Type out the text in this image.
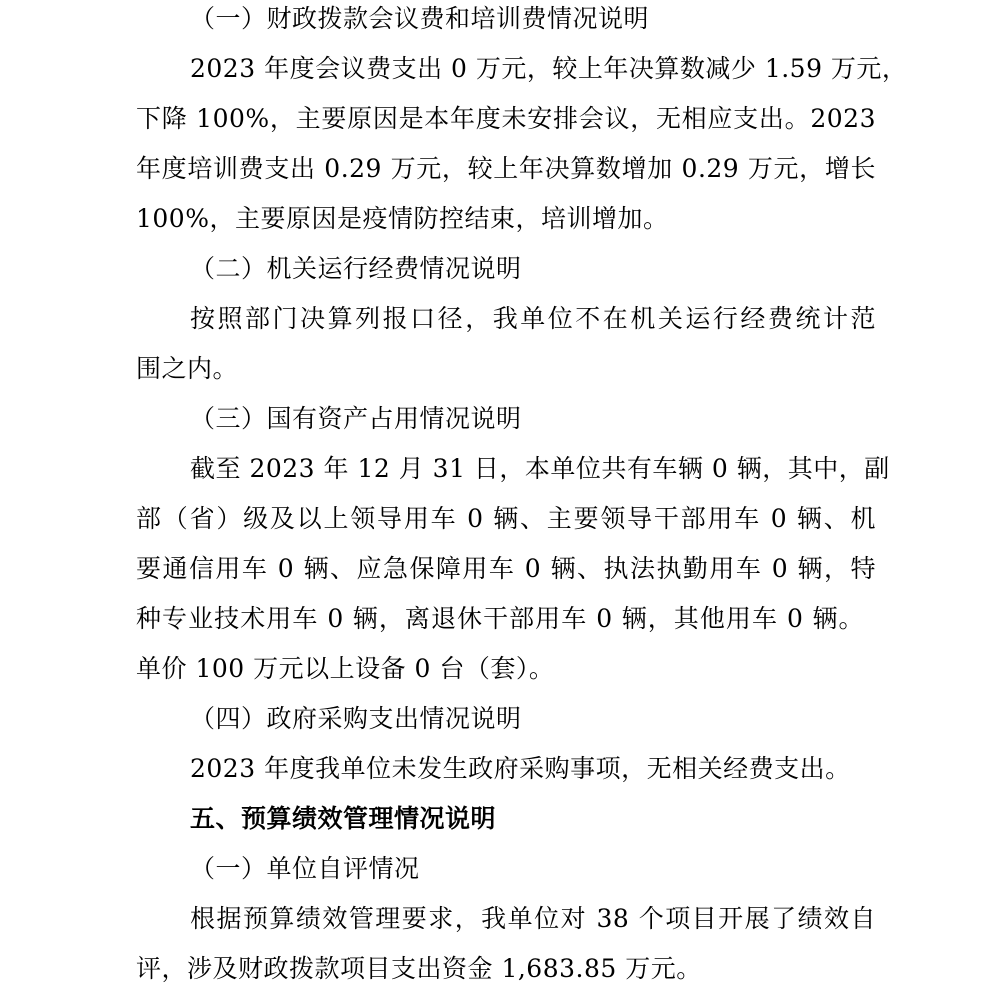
（一）财政拨款会议费和培训费情况说明
2023 年度会议费支出 0 万元，较上年决算数减少 1.59 万元，
下降 100%，主要原因是本年度未安排会议，无相应支出。2023
年度培训费支出 0.29 万元，较上年决算数增加 0.29 万元，增长
100%，主要原因是疫情防控结束，培训增加。
（二）机关运行经费情况说明
按照部门决算列报口径，我单位不在机关运行经费统计范
围之内。
（三）国有资产占用情况说明
截至 2023 年 12 月 31 日，本单位共有车辆 0 辆，其中，副
部（省）级及以上领导用车 0 辆、主要领导干部用车 0 辆、机
要通信用车 0 辆、应急保障用车 0 辆、执法执勤用车 0 辆，特
种专业技术用车 0 辆，离退休干部用车 0 辆，其他用车 0 辆。
单价 100 万元以上设备 0 台（套）。
（四）政府采购支出情况说明
2023 年度我单位未发生政府采购事项，无相关经费支出。
五、预算绩效管理情况说明
（一）单位自评情况
根据预算绩效管理要求，我单位对 38 个项目开展了绩效自
评，涉及财政拨款项目支出资金 1,683.85 万元。
